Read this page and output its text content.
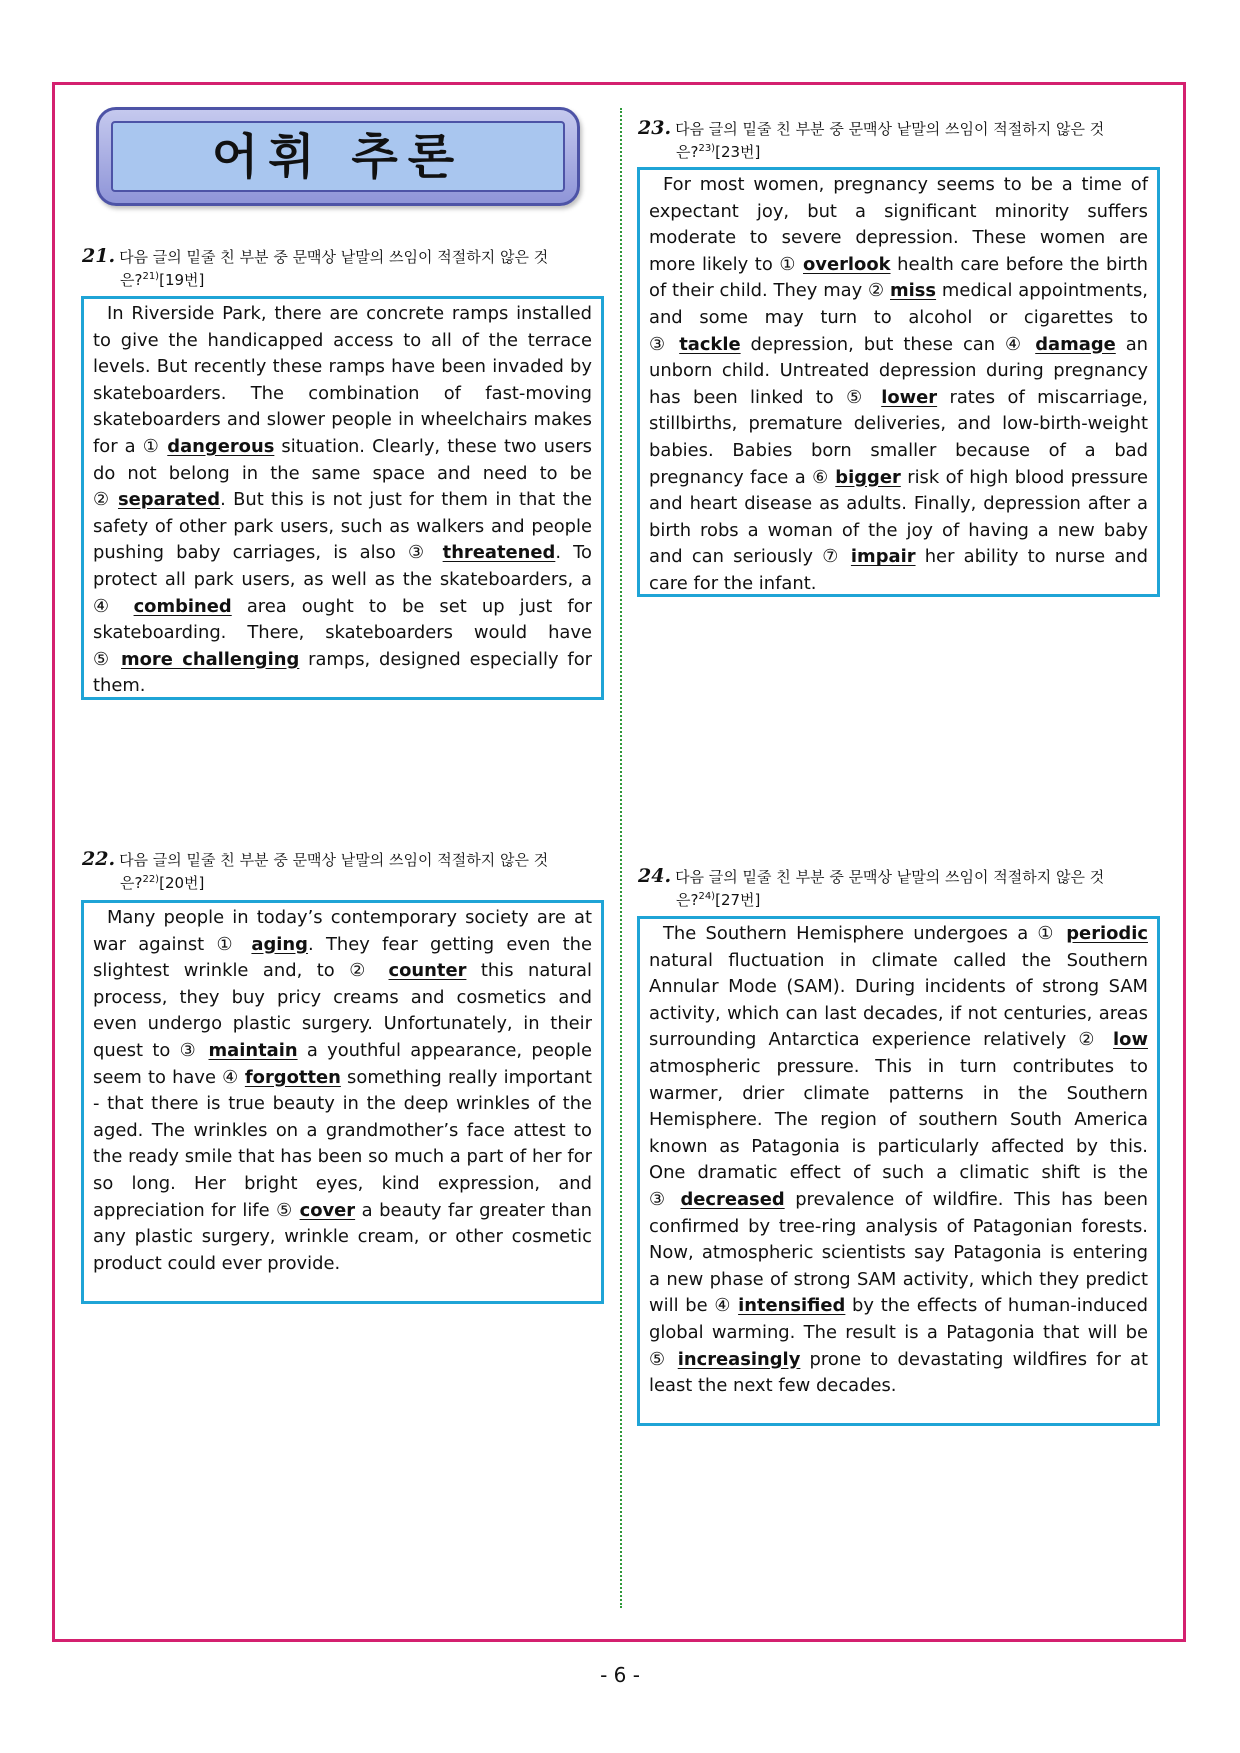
어휘 추론
21. 다음 글의 밑줄 친 부분 중 문맥상 낱말의 쓰임이 적절하지 않은 것
은?$^{21)}$[19번]

In Riverside Park, there are concrete ramps installed to give the handicapped access to all of the terrace levels. But recently these ramps have been invaded by skateboarders. The combination of fast-moving skateboarders and slower people in wheelchairs makes for a ① dangerous situation. Clearly, these two users do not belong in the same space and need to be ② separated. But this is not just for them in that the safety of other park users, such as walkers and people pushing baby carriages, is also ③ threatened. To protect all park users, as well as the skateboarders, a ④ combined area ought to be set up just for skateboarding. There, skateboarders would have ⑤ more challenging ramps, designed especially for them.

22. 다음 글의 밑줄 친 부분 중 문맥상 낱말의 쓰임이 적절하지 않은 것
은?$^{22)}$[20번]

Many people in today’s contemporary society are at war against ① aging. They fear getting even the slightest wrinkle and, to ② counter this natural process, they buy pricy creams and cosmetics and even undergo plastic surgery. Unfortunately, in their quest to ③ maintain a youthful appearance, people seem to have ④ forgotten something really important - that there is true beauty in the deep wrinkles of the aged. The wrinkles on a grandmother’s face attest to the ready smile that has been so much a part of her for so long. Her bright eyes, kind expression, and appreciation for life ⑤ cover a beauty far greater than any plastic surgery, wrinkle cream, or other cosmetic product could ever provide.

23. 다음 글의 밑줄 친 부분 중 문맥상 낱말의 쓰임이 적절하지 않은 것
은?$^{23)}$[23번]

For most women, pregnancy seems to be a time of expectant joy, but a significant minority suffers moderate to severe depression. These women are more likely to ① overlook health care before the birth of their child. They may ② miss medical appointments, and some may turn to alcohol or cigarettes to ③ tackle depression, but these can ④ damage an unborn child. Untreated depression during pregnancy has been linked to ⑤ lower rates of miscarriage, stillbirths, premature deliveries, and low-birth-weight babies. Babies born smaller because of a bad pregnancy face a ⑥ bigger risk of high blood pressure and heart disease as adults. Finally, depression after a birth robs a woman of the joy of having a new baby and can seriously ⑦ impair her ability to nurse and care for the infant.

24. 다음 글의 밑줄 친 부분 중 문맥상 낱말의 쓰임이 적절하지 않은 것
은?$^{24)}$[27번]

The Southern Hemisphere undergoes a ① periodic natural fluctuation in climate called the Southern Annular Mode (SAM). During incidents of strong SAM activity, which can last decades, if not centuries, areas surrounding Antarctica experience relatively ② low atmospheric pressure. This in turn contributes to warmer, drier climate patterns in the Southern Hemisphere. The region of southern South America known as Patagonia is particularly affected by this. One dramatic effect of such a climatic shift is the ③ decreased prevalence of wildfire. This has been confirmed by tree-ring analysis of Patagonian forests. Now, atmospheric scientists say Patagonia is entering a new phase of strong SAM activity, which they predict will be ④ intensified by the effects of human-induced global warming. The result is a Patagonia that will be ⑤ increasingly prone to devastating wildfires for at least the next few decades.

- 6 -
